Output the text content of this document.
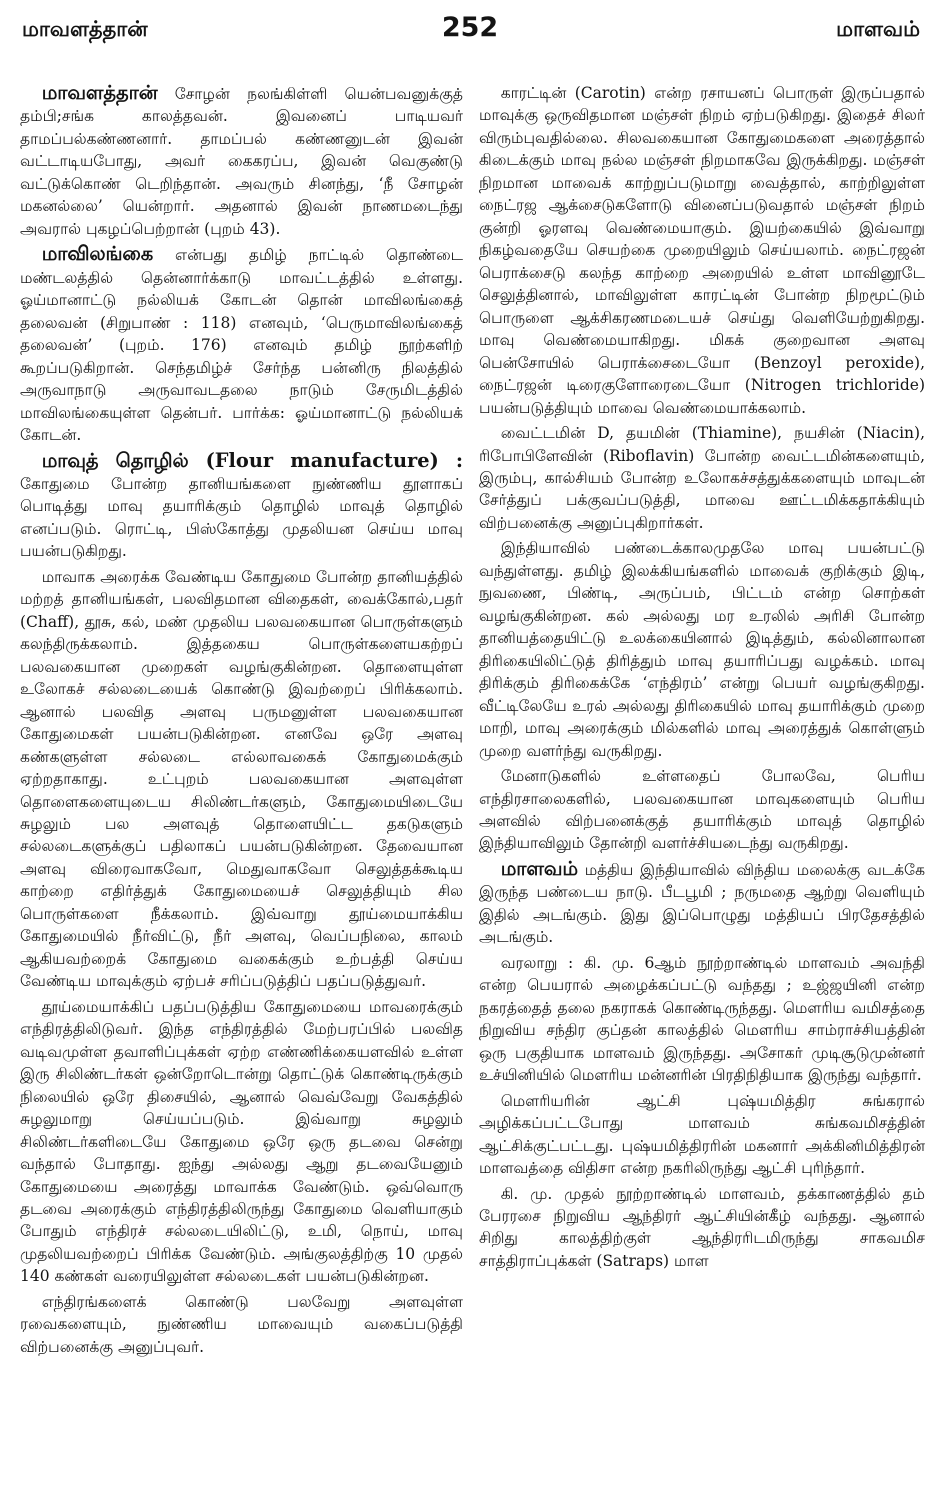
மாவளத்தான்	252	மாளவம்

மாவளத்தான் சோழன் நலங்கிள்ளி யென்பவனுக்குத் தம்பி;சங்க காலத்தவன். இவனைப் பாடியவர் தாமப்பல்கண்ணனார். தாமப்பல் கண்ணனுடன் இவன் வட்டாடியபோது, அவர் கைகரப்ப, இவன் வெகுண்டு வட்டுக்கொண் டெறிந்தான். அவரும் சினந்து, ‘நீ சோழன் மகனல்லை’ யென்றார். அதனால் இவன் நாணமடைந்து அவரால் புகழப்பெற்றான் (புறம் 43).

மாவிலங்கை என்பது தமிழ் நாட்டில் தொண்டை மண்டலத்தில் தென்னார்க்காடு மாவட்டத்தில் உள்ளது. ஓய்மானாட்டு நல்லியக் கோடன் தொன் மாவிலங்கைத் தலைவன் (சிறுபாண் : 118) எனவும், ‘பெருமாவிலங்கைத் தலைவன்’ (புறம். 176) எனவும் தமிழ் நூற்களிற் கூறப்படுகிறான். செந்தமிழ்ச் சேர்ந்த பன்னிரு நிலத்தில் அருவாநாடு அருவாவடதலை நாடும் சேருமிடத்தில் மாவிலங்கையுள்ள தென்பர். பார்க்க: ஓய்மானாட்டு நல்லியக் கோடன்.

மாவுத் தொழில் (Flour manufacture) : கோதுமை போன்ற தானியங்களை நுண்ணிய தூளாகப் பொடித்து மாவு தயாரிக்கும் தொழில் மாவுத் தொழில் எனப்படும். ரொட்டி, பிஸ்கோத்து முதலியன செய்ய மாவு பயன்படுகிறது.

மாவாக அரைக்க வேண்டிய கோதுமை போன்ற தானியத்தில் மற்றத் தானியங்கள், பலவிதமான விதைகள், வைக்கோல்,பதர் (Chaff), தூசு, கல், மண் முதலிய பலவகையான பொருள்களும் கலந்திருக்கலாம். இத்தகைய பொருள்களையகற்றப் பலவகையான முறைகள் வழங்குகின்றன. தொளையுள்ள உலோகச் சல்லடையைக் கொண்டு இவற்றைப் பிரிக்கலாம். ஆனால் பலவித அளவு பருமனுள்ள பலவகையான கோதுமைகள் பயன்படுகின்றன. எனவே ஒரே அளவு கண்களுள்ள சல்லடை எல்லாவகைக் கோதுமைக்கும் ஏற்றதாகாது. உட்புறம் பலவகையான அளவுள்ள தொளைகளையுடைய சிலிண்டர்களும், கோதுமையிடையே சுழலும் பல அளவுத் தொளையிட்ட தகடுகளும் சல்லடைகளுக்குப் பதிலாகப் பயன்படுகின்றன. தேவையான அளவு விரைவாகவோ, மெதுவாகவோ செலுத்தக்கூடிய காற்றை எதிர்த்துக் கோதுமையைச் செலுத்தியும் சில பொருள்களை நீக்கலாம். இவ்வாறு தூய்மையாக்கிய கோதுமையில் நீர்விட்டு, நீர் அளவு, வெப்பநிலை, காலம் ஆகியவற்றைக் கோதுமை வகைக்கும் உற்பத்தி செய்ய வேண்டிய மாவுக்கும் ஏற்பச் சரிப்படுத்திப் பதப்படுத்துவர்.

தூய்மையாக்கிப் பதப்படுத்திய கோதுமையை மாவரைக்கும் எந்திரத்திலிடுவர். இந்த எந்திரத்தில் மேற்பரப்பில் பலவித வடிவமுள்ள தவாளிப்புக்கள் ஏற்ற எண்ணிக்கையளவில் உள்ள இரு சிலிண்டர்கள் ஒன்றோடொன்று தொட்டுக் கொண்டிருக்கும் நிலையில் ஒரே திசையில், ஆனால் வெவ்வேறு வேகத்தில் சுழலுமாறு செய்யப்படும். இவ்வாறு சுழலும் சிலிண்டர்களிடையே கோதுமை ஒரே ஒரு தடவை சென்று வந்தால் போதாது. ஐந்து அல்லது ஆறு தடவையேனும் கோதுமையை அரைத்து மாவாக்க வேண்டும். ஒவ்வொரு தடவை அரைக்கும் எந்திரத்திலிருந்து கோதுமை வெளியாகும் போதும் எந்திரச் சல்லடையிலிட்டு, உமி, நொய், மாவு முதலியவற்றைப் பிரிக்க வேண்டும். அங்குலத்திற்கு 10 முதல் 140 கண்கள் வரையிலுள்ள சல்லடைகள் பயன்படுகின்றன.

எந்திரங்களைக் கொண்டு பலவேறு அளவுள்ள ரவைகளையும், நுண்ணிய மாவையும் வகைப்படுத்தி விற்பனைக்கு அனுப்புவர்.

காரட்டின் (Carotin) என்ற ரசாயனப் பொருள் இருப்பதால் மாவுக்கு ஒருவிதமான மஞ்சள் நிறம் ஏற்படுகிறது. இதைச் சிலர் விரும்புவதில்லை. சிலவகையான கோதுமைகளை அரைத்தால் கிடைக்கும் மாவு நல்ல மஞ்சள் நிறமாகவே இருக்கிறது. மஞ்சள் நிறமான மாவைக் காற்றுப்படுமாறு வைத்தால், காற்றிலுள்ள நைட்ரஜ ஆக்சைடுகளோடு வினைப்படுவதால் மஞ்சள் நிறம் குன்றி ஓரளவு வெண்மையாகும். இயற்கையில் இவ்வாறு நிகழ்வதையே செயற்கை முறையிலும் செய்யலாம். நைட்ரஜன் பெராக்சைடு கலந்த காற்றை அறையில் உள்ள மாவினூடே செலுத்தினால், மாவிலுள்ள காரட்டின் போன்ற நிறமூட்டும் பொருளை ஆக்சிகரணமடையச் செய்து வெளியேற்றுகிறது. மாவு வெண்மையாகிறது. மிகக் குறைவான அளவு பென்சோயில் பெராக்சைடையோ (Benzoyl peroxide), நைட்ரஜன் டிரைகுளோரைடையோ (Nitrogen trichloride) பயன்படுத்தியும் மாவை வெண்மையாக்கலாம்.

வைட்டமின் D, தயமின் (Thiamine), நயசின் (Niacin), ரிபோபிளேவின் (Riboflavin) போன்ற வைட்டமின்களையும், இரும்பு, கால்சியம் போன்ற உலோகச்சத்துக்களையும் மாவுடன் சேர்த்துப் பக்குவப்படுத்தி, மாவை ஊட்டமிக்கதாக்கியும் விற்பனைக்கு அனுப்புகிறார்கள்.

இந்தியாவில் பண்டைக்காலமுதலே மாவு பயன்பட்டு வந்துள்ளது. தமிழ் இலக்கியங்களில் மாவைக் குறிக்கும் இடி, நுவணை, பிண்டி, அருப்பம், பிட்டம் என்ற சொற்கள் வழங்குகின்றன. கல் அல்லது மர உரலில் அரிசி போன்ற தானியத்தையிட்டு உலக்கையினால் இடித்தும், கல்லினாலான திரிகையிலிட்டுத் திரித்தும் மாவு தயாரிப்பது வழக்கம். மாவு திரிக்கும் திரிகைக்கே ‘எந்திரம்’ என்று பெயர் வழங்குகிறது. வீட்டிலேயே உரல் அல்லது திரிகையில் மாவு தயாரிக்கும் முறை மாறி, மாவு அரைக்கும் மில்களில் மாவு அரைத்துக் கொள்ளும் முறை வளர்ந்து வருகிறது.

மேனாடுகளில் உள்ளதைப் போலவே, பெரிய எந்திரசாலைகளில், பலவகையான மாவுகளையும் பெரிய அளவில் விற்பனைக்குத் தயாரிக்கும் மாவுத் தொழில் இந்தியாவிலும் தோன்றி வளர்ச்சியடைந்து வருகிறது.

மாளவம் மத்திய இந்தியாவில் விந்திய மலைக்கு வடக்கே இருந்த பண்டைய நாடு. பீடபூமி ; நருமதை ஆற்று வெளியும் இதில் அடங்கும். இது இப்பொழுது மத்தியப் பிரதேசத்தில் அடங்கும்.

வரலாறு : கி. மு. 6ஆம் நூற்றாண்டில் மாளவம் அவந்தி என்ற பெயரால் அழைக்கப்பட்டு வந்தது ; உஜ்ஜயினி என்ற நகரத்தைத் தலை நகராகக் கொண்டிருந்தது. மௌரிய வமிசத்தை நிறுவிய சந்திர குப்தன் காலத்தில் மௌரிய சாம்ராச்சியத்தின் ஒரு பகுதியாக மாளவம் இருந்தது. அசோகர் முடிசூடுமுன்னர் உச்யினியில் மௌரிய மன்னரின் பிரதிநிதியாக இருந்து வந்தார்.

மௌரியரின் ஆட்சி புஷ்யமித்திர சுங்கரால் அழிக்கப்பட்டபோது மாளவம் சுங்கவமிசத்தின் ஆட்சிக்குட்பட்டது. புஷ்யமித்திரரின் மகனார் அக்கினிமித்திரன் மாளவத்தை விதிசா என்ற நகரிலிருந்து ஆட்சி புரிந்தார்.

கி. மு. முதல் நூற்றாண்டில் மாளவம், தக்காணத்தில் தம் பேரரசை நிறுவிய ஆந்திரர் ஆட்சியின்கீழ் வந்தது. ஆனால் சிறிது காலத்திற்குள் ஆந்திரரிடமிருந்து சாகவமிச சாத்திராப்புக்கள் (Satraps) மாள
